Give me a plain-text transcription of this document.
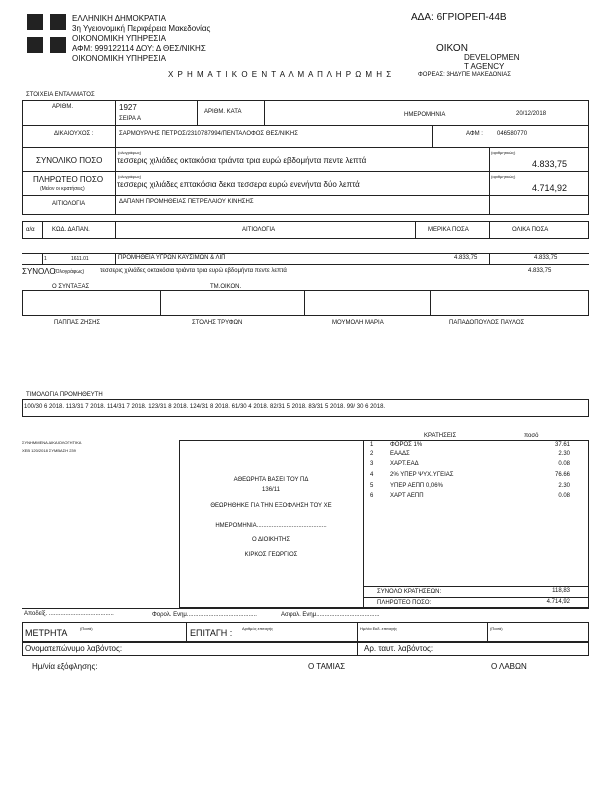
ΕΛΛΗΝΙΚΗ ΔΗΜΟΚΡΑΤΙΑ
3η Υγειονομική Περιφέρεια Μακεδονίας
ΟΙΚΟΝΟΜΙΚΗ ΥΠΗΡΕΣΙΑ
ΑΦΜ: 999122114 ΔΟΥ: Δ ΘΕΣ/ΝΙΚΗΣ
ΟΙΚΟΝΟΜΙΚΗ ΥΠΗΡΕΣΙΑ
ΑΔΑ: 6ΓΡΙΟΡΕΠ-44Β
ΟΙΚΟΝ
DEVELOPMEN
T AGENCY
Χ Ρ Η Μ Α Τ Ι Κ Ο Ε Ν Τ Α Λ Μ Α Π Λ Η Ρ Ω Μ Η Σ	ΦΟΡΕΑΣ: 3ΗΔΥΠΕ ΜΑΚΕΔΟΝΙΑΣ
ΣΤΟΙΧΕΙΑ ΕΝΤΑΛΜΑΤΟΣ
ΑΡΙΘΜ.	1927
ΣΕΙΡΑ Α
ΑΡΙΘΜ. ΚΑΤΑ	ΗΜΕΡΟΜΗΝΙΑ	20/12/2018
ΔΙΚΑΙΟΥΧΟΣ :	ΣΑΡΜΟΥΡΛΗΣ ΠΕΤΡΟΣ/2310787994/ΠΕΝΤΑΛΟΦΟΣ ΘΕΣ/ΝΙΚΗΣ	ΑΦΜ : 046580770
ΣΥΝΟΛΙΚΟ ΠΟΣΟ
(ολογράφως)
τεσσερις χιλιάδες οκτακόσια τριάντα τρια ευρώ εβδομήντα πεντε λεπτά
(αριθμητικώς)
4.833,75
ΠΛΗΡΩΤΕΟ ΠΟΣΟ
(Μείον οι κρατήσεις)
(ολογράφως)
τεσσερις χιλιάδες επτακόσια δεκα τεσσερα ευρώ ενενήντα δύο λεπτά
(αριθμητικώς)
4.714,92
ΑΙΤΙΟΛΟΓΙΑ	ΔΑΠΑΝΗ ΠΡΟΜΗΘΕΙΑΣ ΠΕΤΡΕΛΑΙΟΥ ΚΙΝΗΣΗΣ
α/α	ΚΩΔ. ΔΑΠΑΝ.	ΑΙΤΙΟΛΟΓΙΑ	ΜΕΡΙΚΑ ΠΟΣΑ	ΟΛΙΚΑ ΠΟΣΑ
1	1611.01	ΠΡΟΜΗΘΕΙΑ ΥΓΡΩΝ ΚΑΥΣΙΜΩΝ & ΛΙΠ	4.833,75	4.833,75
ΣΥΝΟΛΟ
(Ολογράφως)	τεσσερις χιλιάδες οκτακόσια τριάντα τρια ευρώ εβδομήντα πεντε λεπτά	4.833,75
Ο ΣΥΝΤΑΞΑΣ	ΤΜ.ΟΙΚΟΝ.
ΠΑΠΠΑΣ ΖΗΣΗΣ	ΣΤΟΛΗΣ ΤΡΥΦΩΝ	ΜΟΥΜΟΛΗ ΜΑΡΙΑ	ΠΑΠΑΔΟΠΟΥΛΟΣ ΠΑΥΛΟΣ
ΤΙΜΟΛΟΓΙΑ ΠΡΟΜΗΘΕΥΤΗ
100/30 6 2018. 113/31 7 2018. 114/31 7 2018. 123/31 8 2018. 124/31 8 2018. 61/30 4 2018. 82/31 5 2018. 83/31 5 2018. 99/ 30 6 2018.
ΣΥΝΗΜΜΕΝΑ ΔΙΚΑΙΟΛΟΓΗΤΙΚΑ
ΧΕΒ 120/2018 ΣΥΜΒΑΣΗ 239
ΑΘΕΩΡΗΤΑ ΒΑΣΕΙ ΤΟΥ ΠΔ
136/11
ΘΕΩΡΗΘΗΚΕ ΓΙΑ ΤΗΝ ΕΞΟΦΛΗΣΗ ΤΟΥ ΧΕ
ΗΜΕΡΟΜΗΝΙΑ..........................................
Ο ΔΙΟΙΚΗΤΗΣ
ΚΙΡΚΟΣ ΓΕΩΡΓΙΟΣ
ΚΡΑΤΗΣΕΙΣ	ποσό
1	ΦΟΡΟΣ 1%	37.61
2	ΕΑΑΔΣ	2.30
3	ΧΑΡΤ.ΕΑΔ	0.08
4	2% ΥΠΕΡ ΨΥΧ.ΥΓΕΙΑΣ	76.66
5	ΥΠΕΡ ΑΕΠΠ 0,06%	2.30
6	ΧΑΡΤ ΑΕΠΠ	0.08
ΣΥΝΟΛΟ ΚΡΑΤΗΣΕΩΝ:	118,83
ΠΛΗΡΩΤΕΟ ΠΟΣΟ:	4.714,92
Αποδείξ. .......................................	Φορολ. Ενημ..........................................	Ασφαλ. Ενημ......................................
ΜΕΤΡΗΤΑ	(Ποσά)	ΕΠΙΤΑΓΗ : Αριθμός επιταγής	Ημ/νία Εκδ. επιταγής	(Ποσά)
Ονοματεπώνυμο λαβόντος:	Αρ. ταυτ. λαβόντος:
Ημ/νία εξόφλησης:	Ο ΤΑΜΙΑΣ	Ο ΛΑΒΩΝ
